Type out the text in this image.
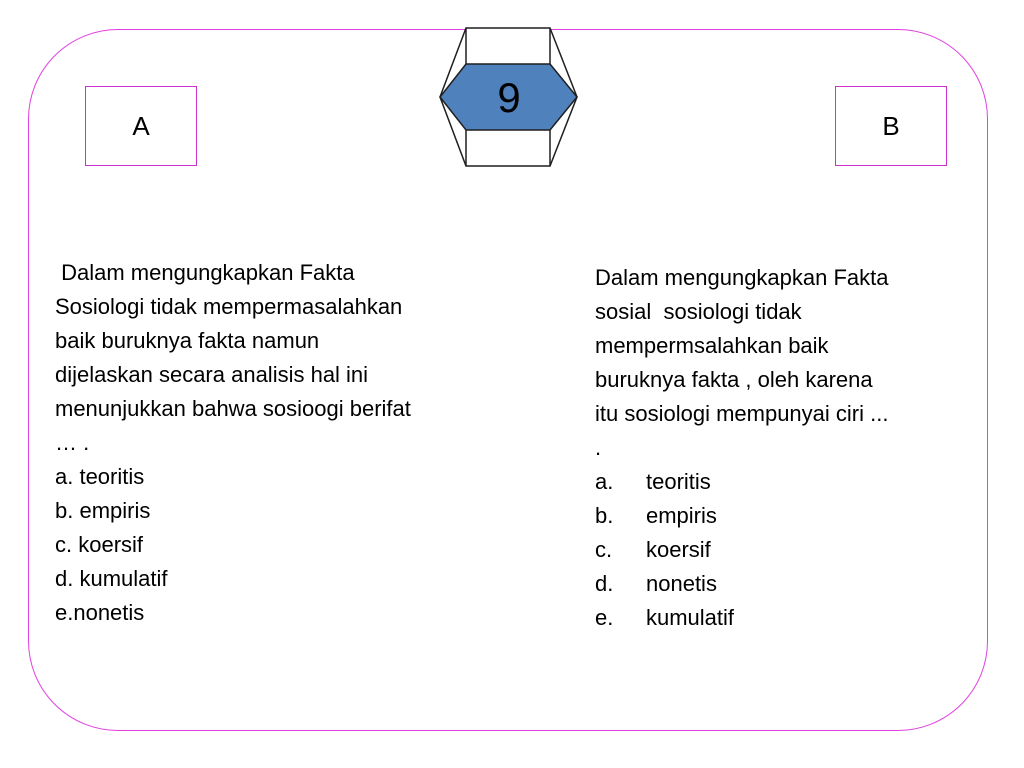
A	B
9

Dalam mengungkapkan Fakta
Sosiologi tidak mempermasalahkan
baik buruknya fakta namun
dijelaskan secara analisis hal ini
menunjukkan bahwa sosioogi berifat
… .

a. teoritis
b. empiris
c. koersif
d. kumulatif
e.nonetis

Dalam mengungkapkan Fakta
sosial  sosiologi tidak
mempermsalahkan baik
buruknya fakta , oleh karena
itu sosiologi mempunyai ciri ...
.

a.	teoritis
b.	empiris
c.	koersif
d.	nonetis
e.	kumulatif
